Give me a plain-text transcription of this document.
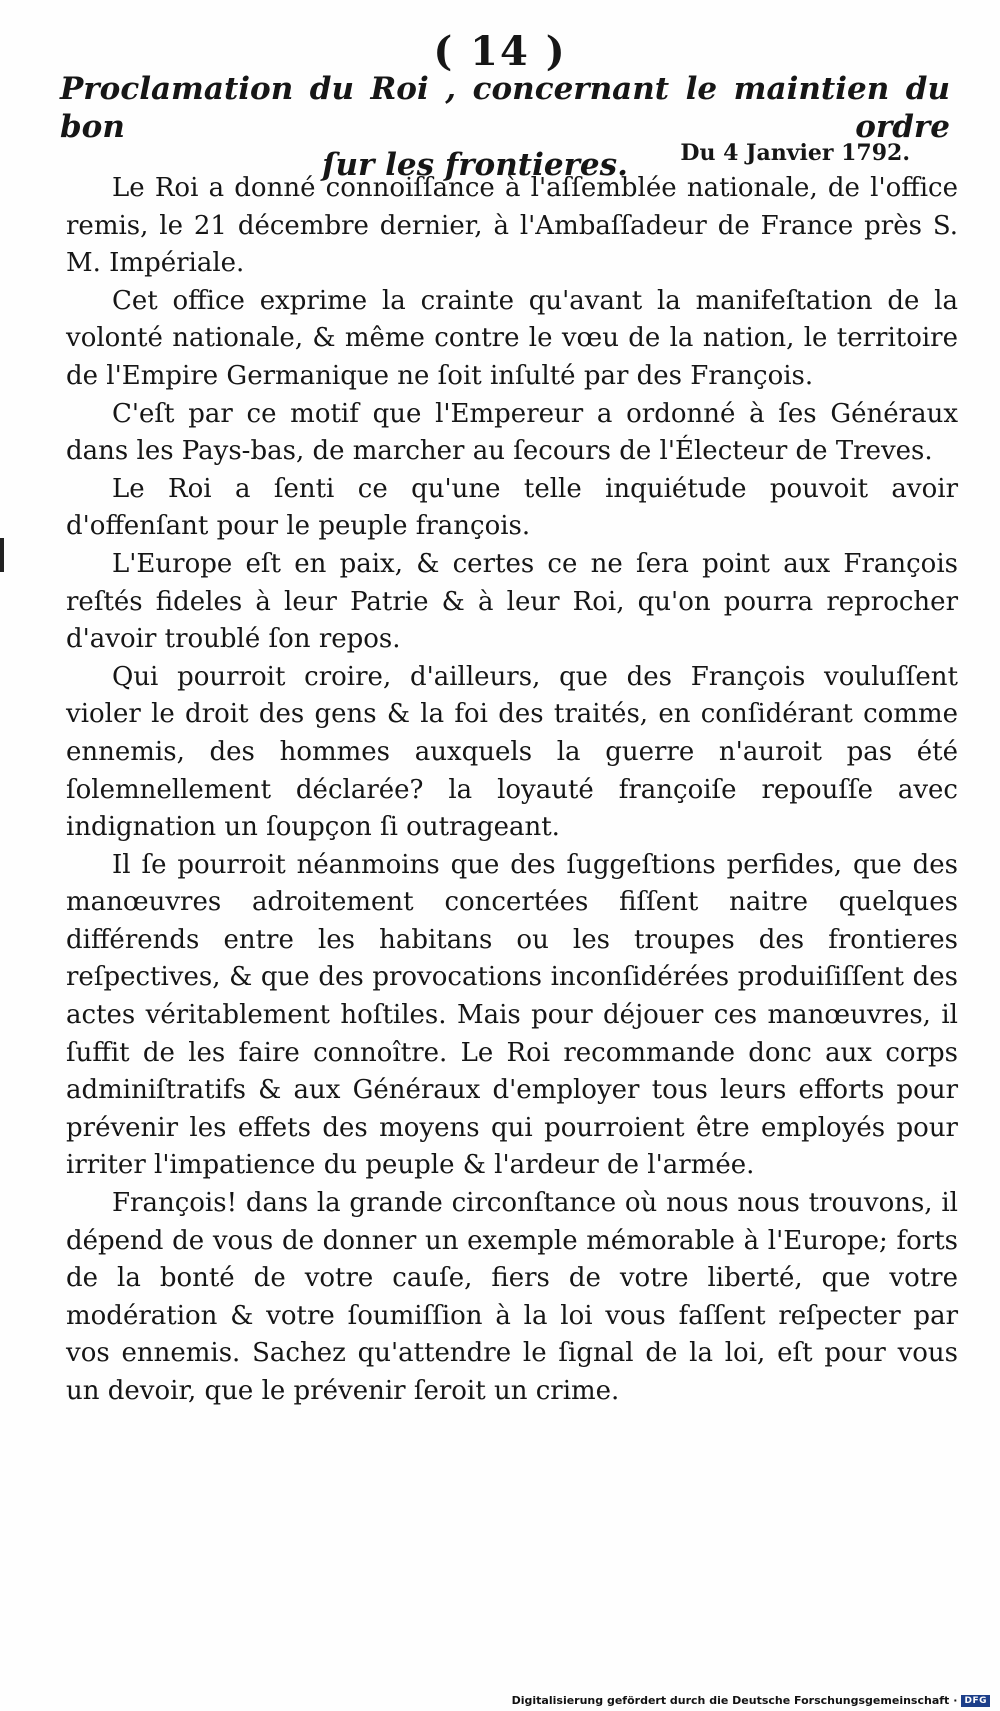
( 14 )
Proclamation du Roi , concernant le maintien du bon ordre
ſur les frontieres.	Du 4 Janvier 1792.

Le Roi a donné connoiſſance à l'aſſemblée nationale, de l'office remis, le 21 décembre dernier, à l'Ambaſſadeur de France près S. M. Impériale.

Cet office exprime la crainte qu'avant la manifeſtation de la volonté nationale, & même contre le vœu de la nation, le territoire de l'Empire Germanique ne ſoit inſulté par des François.

C'eſt par ce motif que l'Empereur a ordonné à ſes Généraux dans les Pays-bas, de marcher au ſecours de l'Électeur de Treves.

Le Roi a ſenti ce qu'une telle inquiétude pouvoit avoir d'offenſant pour le peuple françois.

L'Europe eſt en paix, & certes ce ne ſera point aux François reſtés fideles à leur Patrie & à leur Roi, qu'on pourra reprocher d'avoir troublé ſon repos.

Qui pourroit croire, d'ailleurs, que des François vouluſſent violer le droit des gens & la foi des traités, en conſidérant comme ennemis, des hommes auxquels la guerre n'auroit pas été ſolemnellement déclarée? la loyauté françoiſe repouſſe avec indignation un ſoupçon ſi outrageant.

Il ſe pourroit néanmoins que des ſuggeſtions perfides, que des manœuvres adroitement concertées fiſſent naitre quelques différends entre les habitans ou les troupes des frontieres reſpectives, & que des provocations inconſidérées produiſiſſent des actes véritablement hoſtiles. Mais pour déjouer ces manœuvres, il ſuffit de les faire connoître. Le Roi recommande donc aux corps adminiſtratifs & aux Généraux d'employer tous leurs efforts pour prévenir les effets des moyens qui pourroient être employés pour irriter l'impatience du peuple & l'ardeur de l'armée.

François! dans la grande circonſtance où nous nous trouvons, il dépend de vous de donner un exemple mémorable à l'Europe; forts de la bonté de votre cauſe, fiers de votre liberté, que votre modération & votre ſoumiſſion à la loi vous faſſent reſpecter par vos ennemis. Sachez qu'attendre le ſignal de la loi, eſt pour vous un devoir, que le prévenir ſeroit un crime.

Digitalisierung gefördert durch die Deutsche Forschungsgemeinschaft · DFG
